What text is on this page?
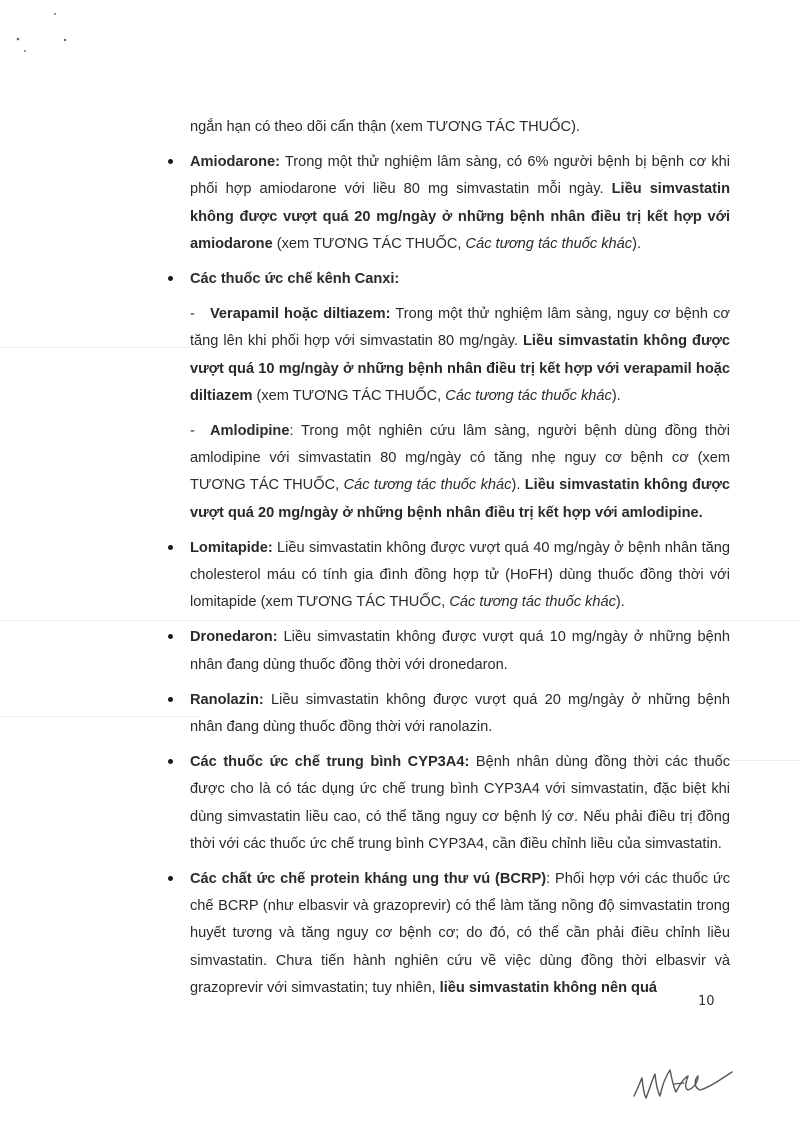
ngắn hạn có theo dõi cẩn thận (xem TƯƠNG TÁC THUỐC).

Amiodarone: Trong một thử nghiệm lâm sàng, có 6% người bệnh bị bệnh cơ khi phối hợp amiodarone với liều 80 mg simvastatin mỗi ngày. Liều simvastatin không được vượt quá 20 mg/ngày ở những bệnh nhân điều trị kết hợp với amiodarone (xem TƯƠNG TÁC THUỐC, Các tương tác thuốc khác).

Các thuốc ức chế kênh Canxi:

- Verapamil hoặc diltiazem: Trong một thử nghiệm lâm sàng, nguy cơ bệnh cơ tăng lên khi phối hợp với simvastatin 80 mg/ngày. Liều simvastatin không được vượt quá 10 mg/ngày ở những bệnh nhân điều trị kết hợp với verapamil hoặc diltiazem (xem TƯƠNG TÁC THUỐC, Các tương tác thuốc khác).

- Amlodipine: Trong một nghiên cứu lâm sàng, người bệnh dùng đồng thời amlodipine với simvastatin 80 mg/ngày có tăng nhẹ nguy cơ bệnh cơ (xem TƯƠNG TÁC THUỐC, Các tương tác thuốc khác). Liều simvastatin không được vượt quá 20 mg/ngày ở những bệnh nhân điều trị kết hợp với amlodipine.

Lomitapide: Liều simvastatin không được vượt quá 40 mg/ngày ở bệnh nhân tăng cholesterol máu có tính gia đình đồng hợp tử (HoFH) dùng thuốc đồng thời với lomitapide (xem TƯƠNG TÁC THUỐC, Các tương tác thuốc khác).

Dronedaron: Liều simvastatin không được vượt quá 10 mg/ngày ở những bệnh nhân đang dùng thuốc đồng thời với dronedaron.

Ranolazin: Liều simvastatin không được vượt quá 20 mg/ngày ở những bệnh nhân đang dùng thuốc đồng thời với ranolazin.

Các thuốc ức chế trung bình CYP3A4: Bệnh nhân dùng đồng thời các thuốc được cho là có tác dụng ức chế trung bình CYP3A4 với simvastatin, đặc biệt khi dùng simvastatin liều cao, có thể tăng nguy cơ bệnh lý cơ. Nếu phải điều trị đồng thời với các thuốc ức chế trung bình CYP3A4, cần điều chỉnh liều của simvastatin.

Các chất ức chế protein kháng ung thư vú (BCRP): Phối hợp với các thuốc ức chế BCRP (như elbasvir và grazoprevir) có thể làm tăng nồng độ simvastatin trong huyết tương và tăng nguy cơ bệnh cơ; do đó, có thể cần phải điều chỉnh liều simvastatin. Chưa tiến hành nghiên cứu về việc dùng đồng thời elbasvir và grazoprevir với simvastatin; tuy nhiên, liều simvastatin không nên quá

10
